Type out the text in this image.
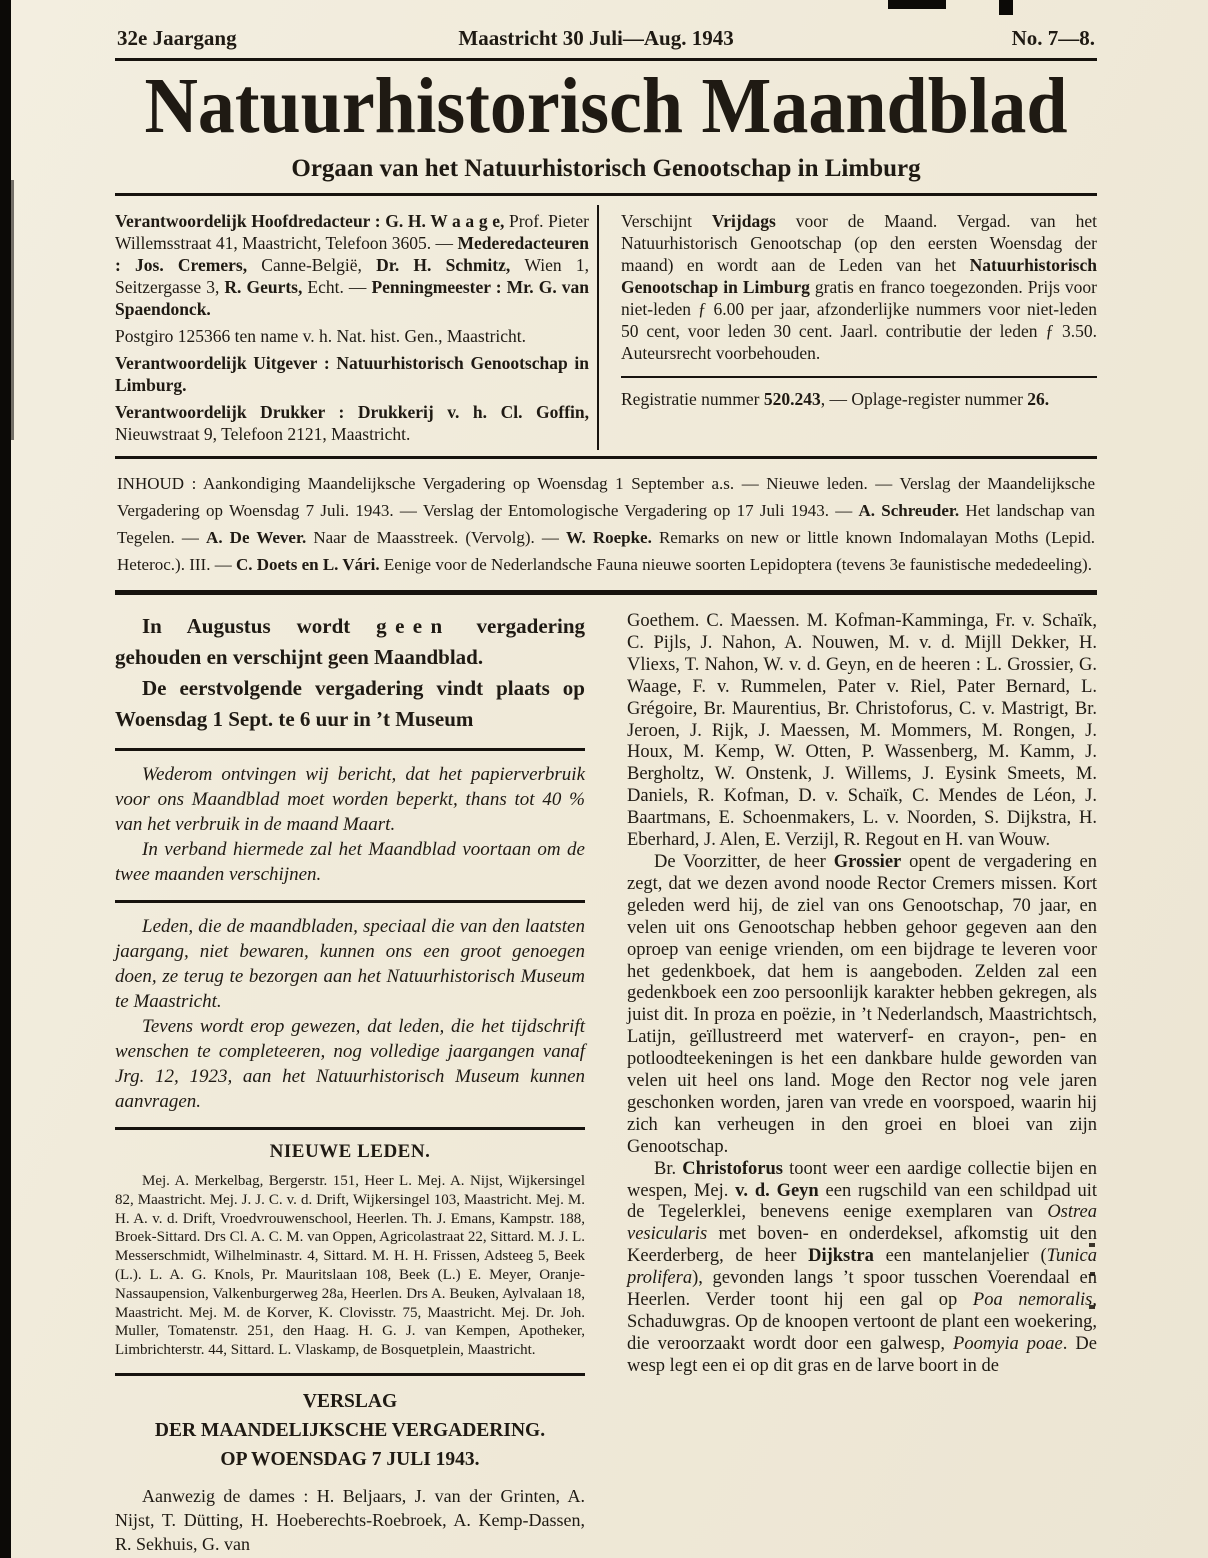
32e Jaargang	Maastricht 30 Juli—Aug. 1943	No. 7—8.
Natuurhistorisch Maandblad
Orgaan van het Natuurhistorisch Genootschap in Limburg

Verantwoordelijk Hoofdredacteur : G. H. W a a g e, Prof. Pieter Willemsstraat 41, Maastricht, Telefoon 3605. — Mederedacteuren : Jos. Cremers, Canne-België, Dr. H. Schmitz, Wien 1, Seitzergasse 3, R. Geurts, Echt. — Penningmeester : Mr. G. van Spaendonck.

Postgiro 125366 ten name v. h. Nat. hist. Gen., Maastricht.

Verantwoordelijk Uitgever : Natuurhistorisch Genootschap in Limburg.

Verantwoordelijk Drukker : Drukkerij v. h. Cl. Goffin, Nieuwstraat 9, Telefoon 2121, Maastricht.

Verschijnt Vrijdags voor de Maand. Vergad. van het Natuurhistorisch Genootschap (op den eersten Woensdag der maand) en wordt aan de Leden van het Natuurhistorisch Genootschap in Limburg gratis en franco toegezonden. Prijs voor niet-leden ƒ 6.00 per jaar, afzonderlijke nummers voor niet-leden 50 cent, voor leden 30 cent. Jaarl. contributie der leden ƒ 3.50. Auteursrecht voorbehouden.

Registratie nummer 520.243, — Oplage-register nummer 26.

INHOUD : Aankondiging Maandelijksche Vergadering op Woensdag 1 September a.s. — Nieuwe leden. — Verslag der Maandelijksche Vergadering op Woensdag 7 Juli. 1943. — Verslag der Entomologische Vergadering op 17 Juli 1943. — A. Schreuder. Het landschap van Tegelen. — A. De Wever. Naar de Maasstreek. (Vervolg). — W. Roepke. Remarks on new or little known Indomalayan Moths (Lepid. Heteroc.). III. — C. Doets en L. Vári. Eenige voor de Nederlandsche Fauna nieuwe soorten Lepidoptera (tevens 3e faunistische mededeeling).

In Augustus wordt geen vergadering gehouden en verschijnt geen Maandblad.

De eerstvolgende vergadering vindt plaats op Woensdag 1 Sept. te 6 uur in ’t Museum

Wederom ontvingen wij bericht, dat het papierverbruik voor ons Maandblad moet worden beperkt, thans tot 40 % van het verbruik in de maand Maart.

In verband hiermede zal het Maandblad voortaan om de twee maanden verschijnen.

Leden, die de maandbladen, speciaal die van den laatsten jaargang, niet bewaren, kunnen ons een groot genoegen doen, ze terug te bezorgen aan het Natuurhistorisch Museum te Maastricht.

Tevens wordt erop gewezen, dat leden, die het tijdschrift wenschen te completeeren, nog volledige jaargangen vanaf Jrg. 12, 1923, aan het Natuurhistorisch Museum kunnen aanvragen.

NIEUWE LEDEN.

Mej. A. Merkelbag, Bergerstr. 151, Heer L. Mej. A. Nijst, Wijkersingel 82, Maastricht. Mej. J. J. C. v. d. Drift, Wijkersingel 103, Maastricht. Mej. M. H. A. v. d. Drift, Vroedvrouwenschool, Heerlen. Th. J. Emans, Kampstr. 188, Broek-Sittard. Drs Cl. A. C. M. van Oppen, Agricolastraat 22, Sittard. M. J. L. Messerschmidt, Wilhelminastr. 4, Sittard. M. H. H. Frissen, Adsteeg 5, Beek (L.). L. A. G. Knols, Pr. Mauritslaan 108, Beek (L.) E. Meyer, Oranje-Nassaupension, Valkenburgerweg 28a, Heerlen. Drs A. Beuken, Aylvalaan 18, Maastricht. Mej. M. de Korver, K. Clovisstr. 75, Maastricht. Mej. Dr. Joh. Muller, Tomatenstr. 251, den Haag. H. G. J. van Kempen, Apotheker, Limbrichterstr. 44, Sittard. L. Vlaskamp, de Bosquetplein, Maastricht.

VERSLAG
DER MAANDELIJKSCHE VERGADERING.
OP WOENSDAG 7 JULI 1943.

Aanwezig de dames : H. Beljaars, J. van der Grinten, A. Nijst, T. Dütting, H. Hoeberechts-Roebroek, A. Kemp-Dassen, R. Sekhuis, G. van

Goethem. C. Maessen. M. Kofman-Kamminga, Fr. v. Schaïk, C. Pijls, J. Nahon, A. Nouwen, M. v. d. Mijll Dekker, H. Vliexs, T. Nahon, W. v. d. Geyn, en de heeren : L. Grossier, G. Waage, F. v. Rummelen, Pater v. Riel, Pater Bernard, L. Grégoire, Br. Maurentius, Br. Christoforus, C. v. Mastrigt, Br. Jeroen, J. Rijk, J. Maessen, M. Mommers, M. Rongen, J. Houx, M. Kemp, W. Otten, P. Wassenberg, M. Kamm, J. Bergholtz, W. Onstenk, J. Willems, J. Eysink Smeets, M. Daniels, R. Kofman, D. v. Schaïk, C. Mendes de Léon, J. Baartmans, E. Schoenmakers, L. v. Noorden, S. Dijkstra, H. Eberhard, J. Alen, E. Verzijl, R. Regout en H. van Wouw.

De Voorzitter, de heer Grossier opent de vergadering en zegt, dat we dezen avond noode Rector Cremers missen. Kort geleden werd hij, de ziel van ons Genootschap, 70 jaar, en velen uit ons Genootschap hebben gehoor gegeven aan den oproep van eenige vrienden, om een bijdrage te leveren voor het gedenkboek, dat hem is aangeboden. Zelden zal een gedenkboek een zoo persoonlijk karakter hebben gekregen, als juist dit. In proza en poëzie, in ’t Nederlandsch, Maastrichtsch, Latijn, geïllustreerd met waterverf- en crayon-, pen- en potloodteekeningen is het een dankbare hulde geworden van velen uit heel ons land. Moge den Rector nog vele jaren geschonken worden, jaren van vrede en voorspoed, waarin hij zich kan verheugen in den groei en bloei van zijn Genootschap.

Br. Christoforus toont weer een aardige collectie bijen en wespen, Mej. v. d. Geyn een rugschild van een schildpad uit de Tegelerklei, benevens eenige exemplaren van Ostrea vesicularis met boven- en onderdeksel, afkomstig uit den Keerderberg, de heer Dijkstra een mantelanjelier (Tunica prolifera), gevonden langs ’t spoor tusschen Voerendaal en Heerlen. Verder toont hij een gal op Poa nemoralis, Schaduwgras. Op de knoopen vertoont de plant een woekering, die veroorzaakt wordt door een galwesp, Poomyia poae. De wesp legt een ei op dit gras en de larve boort in de
